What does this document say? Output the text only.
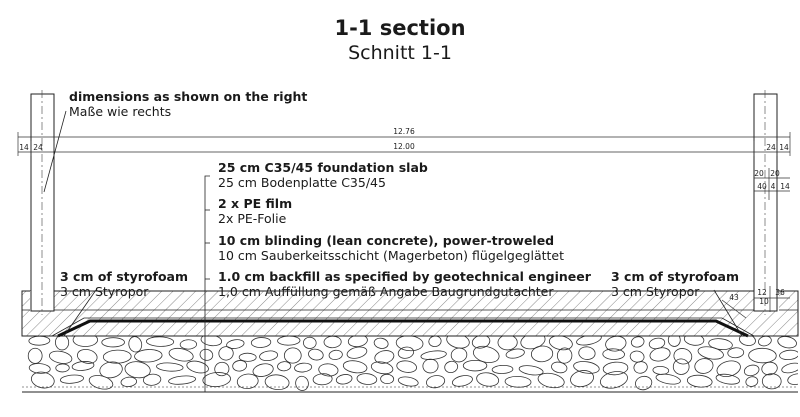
12.76
12.00
14 24	24 14
20 20
40 4 14
12 36
10
43
1-1 section
Schnitt 1-1
dimensions as shown on the right
Maße wie rechts
3 cm of styrofoam
3 cm Styropor
3 cm of styrofoam
3 cm Styropor
25 cm C35/45 foundation slab
25 cm Bodenplatte C35/45
2 x PE film
2x PE-Folie
10 cm blinding (lean concrete), power-troweled
10 cm Sauberkeitsschicht (Magerbeton) flügelgeglättet
1.0 cm backfill as specified by geotechnical engineer
1,0 cm Auffüllung gemäß Angabe Baugrundgutachter
